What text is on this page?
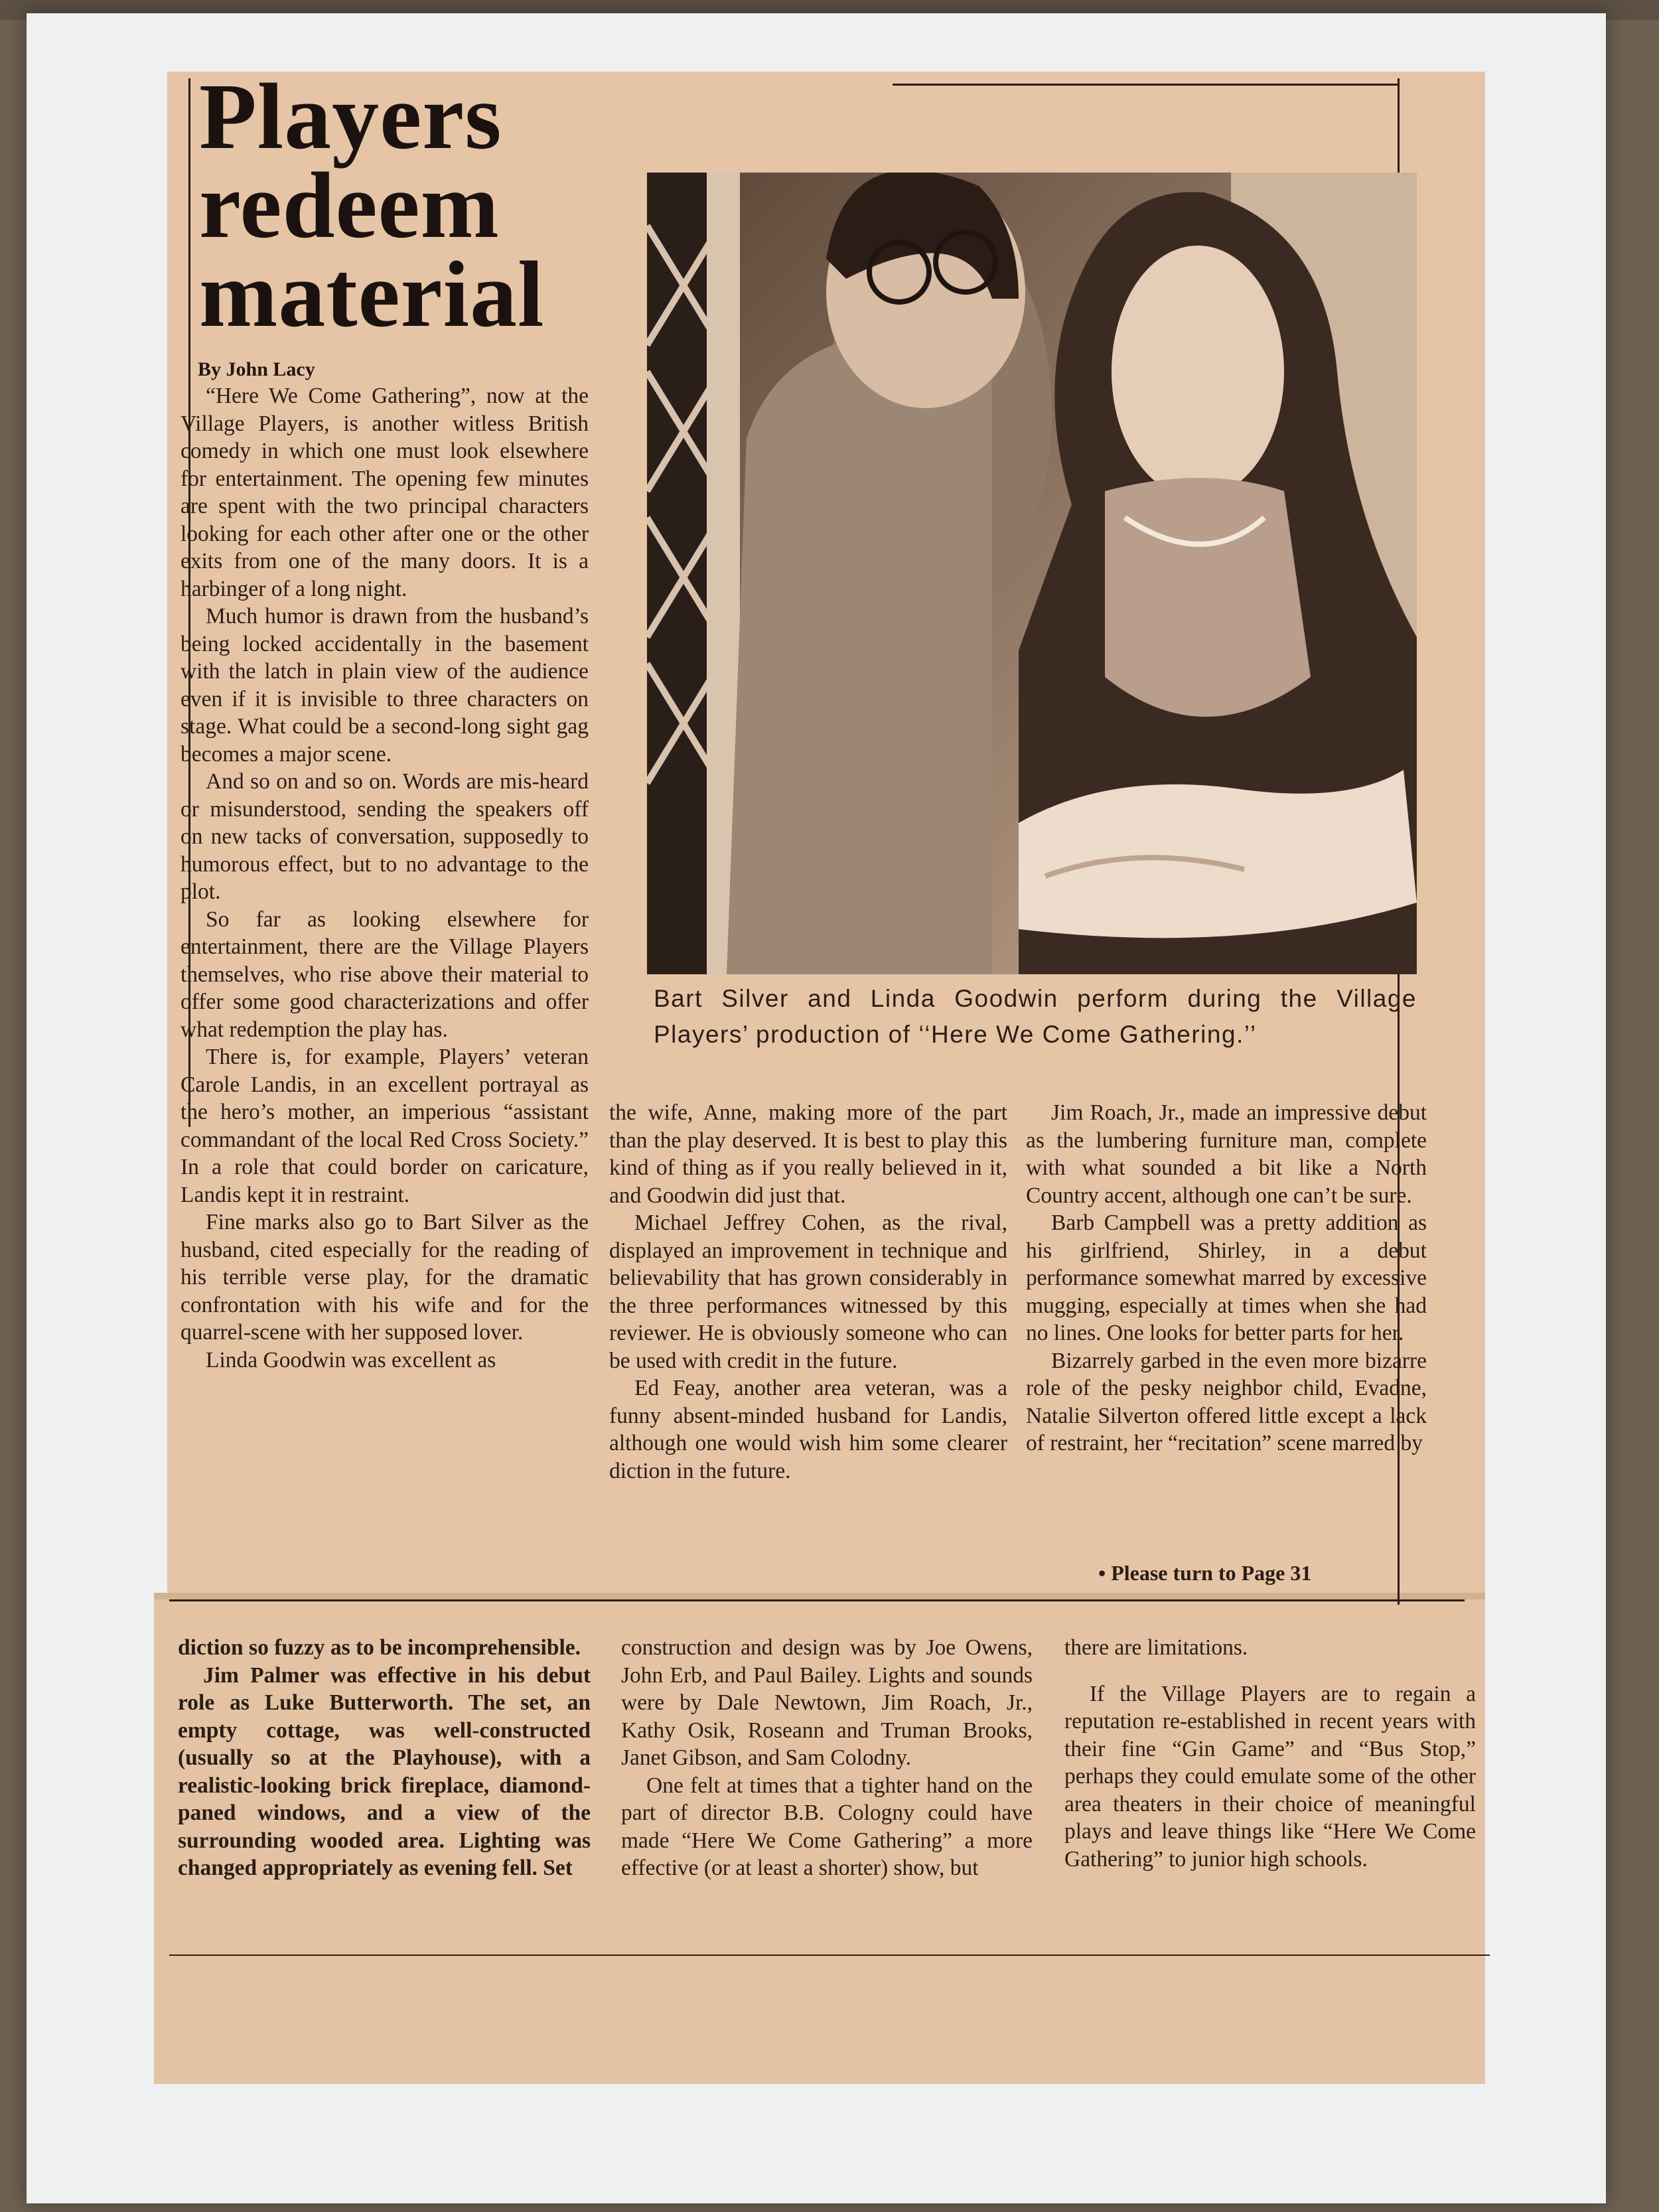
Players redeem material
By John Lacy
Bart Silver and Linda Goodwin perform during the Village Players’ production of ‘‘Here We Come Gathering.’’

“Here We Come Gathering”, now at the Village Players, is another witless British comedy in which one must look elsewhere for entertainment. The opening few minutes are spent with the two principal characters looking for each other after one or the other exits from one of the many doors. It is a harbinger of a long night.

Much humor is drawn from the husband’s being locked accidentally in the basement with the latch in plain view of the audience even if it is invisible to three characters on stage. What could be a second-long sight gag becomes a major scene.

And so on and so on. Words are mis-heard or misunderstood, sending the speakers off on new tacks of conversation, supposedly to humorous effect, but to no advantage to the plot.

So far as looking elsewhere for entertainment, there are the Village Players themselves, who rise above their material to offer some good characterizations and offer what redemption the play has.

There is, for example, Players’ veteran Carole Landis, in an excellent portrayal as the hero’s mother, an imperious “assistant commandant of the local Red Cross Society.” In a role that could border on caricature, Landis kept it in restraint.

Fine marks also go to Bart Silver as the husband, cited especially for the reading of his terrible verse play, for the dramatic confrontation with his wife and for the quarrel-scene with her supposed lover.

Linda Goodwin was excellent as

the wife, Anne, making more of the part than the play deserved. It is best to play this kind of thing as if you really believed in it, and Goodwin did just that.

Michael Jeffrey Cohen, as the rival, displayed an improvement in technique and believability that has grown considerably in the three performances witnessed by this reviewer. He is obviously someone who can be used with credit in the future.

Ed Feay, another area veteran, was a funny absent-minded husband for Landis, although one would wish him some clearer diction in the future.

Jim Roach, Jr., made an impressive debut as the lumbering furniture man, complete with what sounded a bit like a North Country accent, although one can’t be sure.

Barb Campbell was a pretty addition as his girlfriend, Shirley, in a debut performance somewhat marred by excessive mugging, especially at times when she had no lines. One looks for better parts for her.

Bizarrely garbed in the even more bizarre role of the pesky neighbor child, Evadne, Natalie Silverton offered little except a lack of restraint, her “recitation” scene marred by

• Please turn to Page 31

diction so fuzzy as to be incomprehensible.

Jim Palmer was effective in his debut role as Luke Butterworth. The set, an empty cottage, was well-constructed (usually so at the Playhouse), with a realistic-looking brick fireplace, diamond-paned windows, and a view of the surrounding wooded area. Lighting was changed appropriately as evening fell. Set

construction and design was by Joe Owens, John Erb, and Paul Bailey. Lights and sounds were by Dale Newtown, Jim Roach, Jr., Kathy Osik, Roseann and Truman Brooks, Janet Gibson, and Sam Colodny.

One felt at times that a tighter hand on the part of director B.B. Cologny could have made “Here We Come Gathering” a more effective (or at least a shorter) show, but

there are limitations.

If the Village Players are to regain a reputation re-established in recent years with their fine “Gin Game” and “Bus Stop,” perhaps they could emulate some of the other area theaters in their choice of meaningful plays and leave things like “Here We Come Gathering” to junior high schools.
